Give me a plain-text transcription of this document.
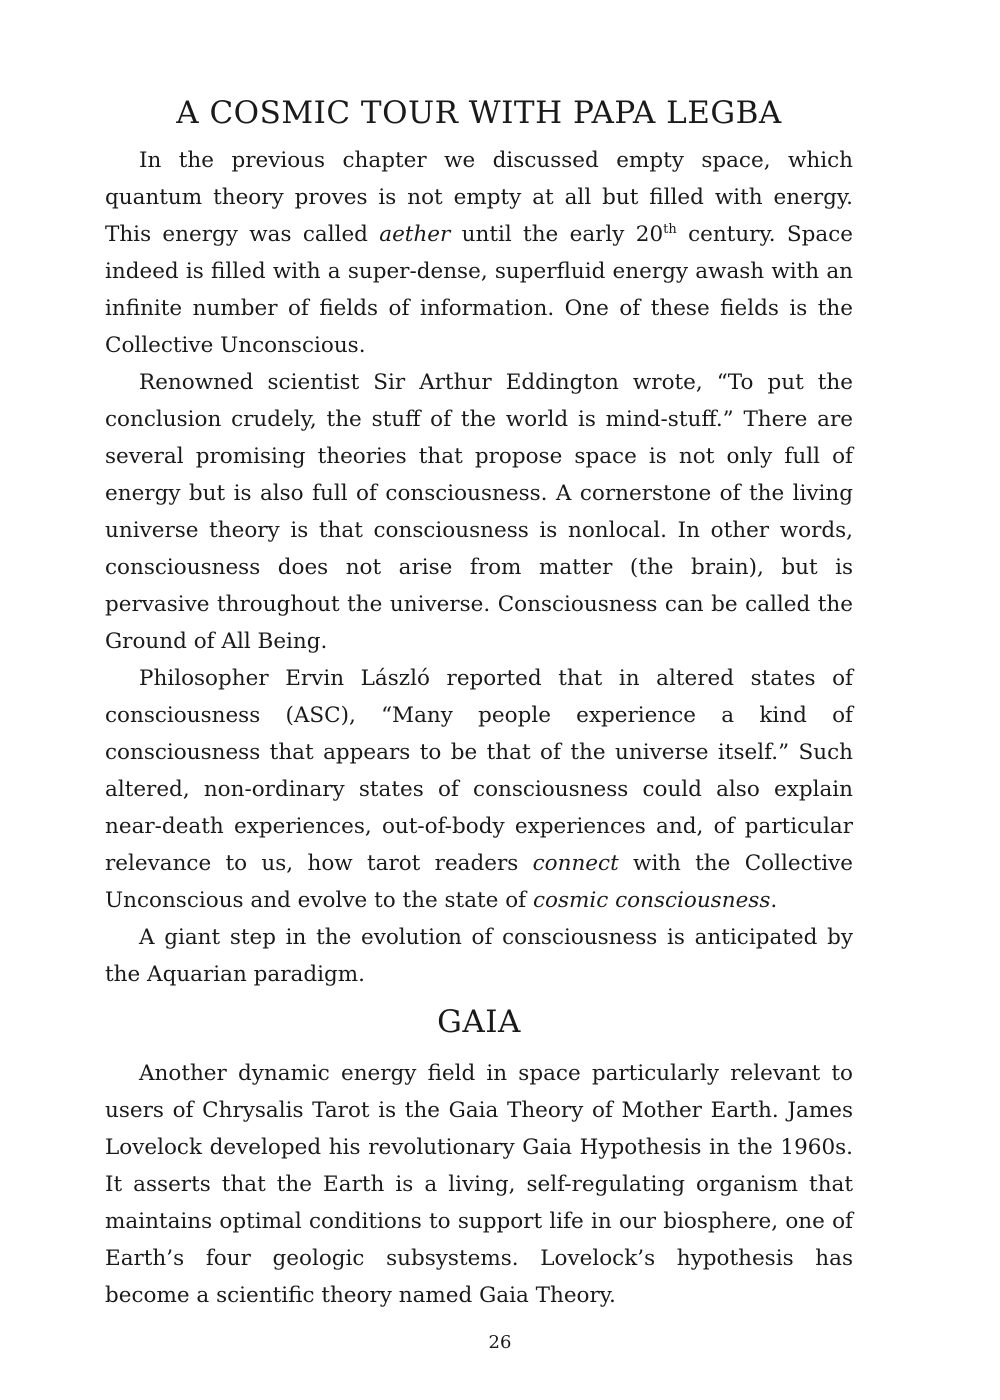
A COSMIC TOUR WITH PAPA LEGBA

In the previous chapter we discussed empty space, which quantum theory proves is not empty at all but filled with energy. This energy was called aether until the early 20th century. Space indeed is filled with a super-dense, superfluid energy awash with an infinite number of fields of information. One of these fields is the Collective Unconscious.

Renowned scientist Sir Arthur Eddington wrote, “To put the conclusion crudely, the stuff of the world is mind-stuff.” There are several promising theories that propose space is not only full of energy but is also full of consciousness. A cornerstone of the living universe theory is that consciousness is nonlocal. In other words, consciousness does not arise from matter (the brain), but is pervasive throughout the universe. Consciousness can be called the Ground of All Being.

Philosopher Ervin László reported that in altered states of consciousness (ASC), “Many people experience a kind of consciousness that appears to be that of the universe itself.” Such altered, non-ordinary states of consciousness could also explain near-death experiences, out-of-body experiences and, of particular relevance to us, how tarot readers connect with the Collective Unconscious and evolve to the state of cosmic consciousness.

A giant step in the evolution of consciousness is anticipated by the Aquarian paradigm.

GAIA

Another dynamic energy field in space particularly relevant to users of Chrysalis Tarot is the Gaia Theory of Mother Earth. James Lovelock developed his revolutionary Gaia Hypothesis in the 1960s. It asserts that the Earth is a living, self-regulating organism that maintains optimal conditions to support life in our biosphere, one of Earth’s four geologic subsystems. Lovelock’s hypothesis has become a scientific theory named Gaia Theory.

26
